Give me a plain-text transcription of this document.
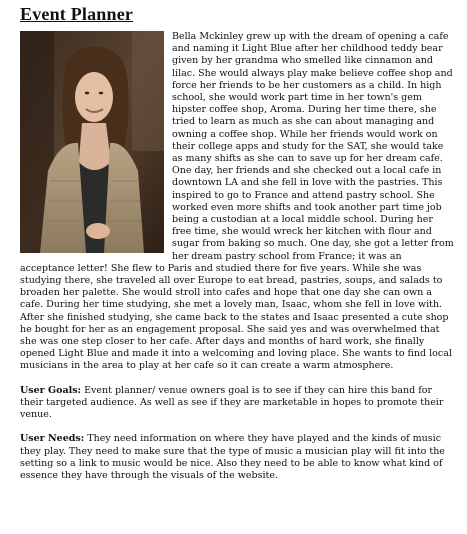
Event Planner

Bella Mckinley grew up with the dream of opening a cafe and naming it Light Blue after her childhood teddy bear given by her grandma who smelled like cinnamon and lilac. She would always play make believe coffee shop and force her friends to be her customers as a child. In high school, she would work part time in her town's gem hipster coffee shop, Aroma. During her time there, she tried to learn as much as she can about managing and owning a coffee shop. While her friends would work on their college apps and study for the SAT, she would take as many shifts as she can to save up for her dream cafe. One day, her friends and she checked out a local cafe in downtown LA and she fell in love with the pastries. This inspired to go to France and attend pastry school. She worked even more shifts and took another part time job being a custodian at a local middle school. During her free time, she would wreck her kitchen with flour and sugar from baking so much. One day, she got a letter from her dream pastry school from France; it was an acceptance letter! She flew to Paris and studied there for five years. While she was studying there, she traveled all over Europe to eat bread, pastries, soups, and salads to broaden her palette. She would stroll into cafes and hope that one day she can own a cafe. During her time studying, she met a lovely man, Isaac, whom she fell in love with. After she finished studying, she came back to the states and Isaac presented a cute shop he bought for her as an engagement proposal. She said yes and was overwhelmed that she was one step closer to her cafe. After days and months of hard work, she finally opened Light Blue and made it into a welcoming and loving place. She wants to find local musicians in the area to play at her cafe so it can create a warm atmosphere.

User Goals: Event planner/ venue owners goal is to see if they can hire this band for their targeted audience. As well as see if they are marketable in hopes to promote their venue.

User Needs: They need information on where they have played and the kinds of music they play. They need to make sure that the type of music a musician play will fit into the setting so a link to music would be nice. Also they need to be able to know what kind of essence they have through the visuals of the website.
